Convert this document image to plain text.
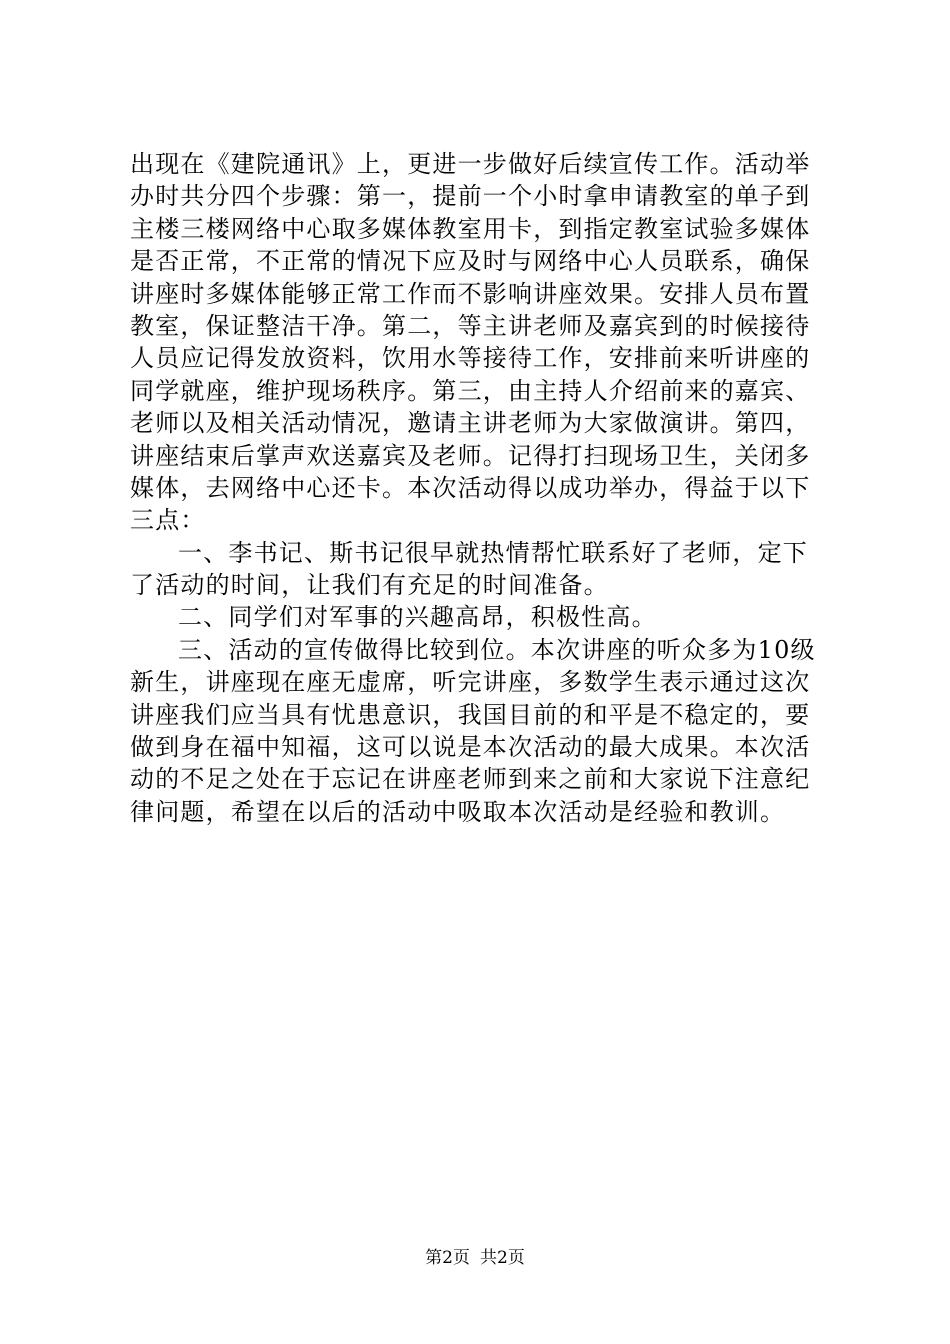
出现在《建院通讯》上，更进一步做好后续宣传工作。活动举
办时共分四个步骤：第一，提前一个小时拿申请教室的单子到
主楼三楼网络中心取多媒体教室用卡，到指定教室试验多媒体
是否正常，不正常的情况下应及时与网络中心人员联系，确保
讲座时多媒体能够正常工作而不影响讲座效果。安排人员布置
教室，保证整洁干净。第二，等主讲老师及嘉宾到的时候接待
人员应记得发放资料，饮用水等接待工作，安排前来听讲座的
同学就座，维护现场秩序。第三，由主持人介绍前来的嘉宾、
老师以及相关活动情况，邀请主讲老师为大家做演讲。第四，
讲座结束后掌声欢送嘉宾及老师。记得打扫现场卫生，关闭多
媒体，去网络中心还卡。本次活动得以成功举办，得益于以下
三点：
一、李书记、斯书记很早就热情帮忙联系好了老师，定下
了活动的时间，让我们有充足的时间准备。
二、同学们对军事的兴趣高昂，积极性高。
三、活动的宣传做得比较到位。本次讲座的听众多为10级
新生，讲座现在座无虚席，听完讲座，多数学生表示通过这次
讲座我们应当具有忧患意识，我国目前的和平是不稳定的，要
做到身在福中知福，这可以说是本次活动的最大成果。本次活
动的不足之处在于忘记在讲座老师到来之前和大家说下注意纪
律问题，希望在以后的活动中吸取本次活动是经验和教训。
第2页 共2页
